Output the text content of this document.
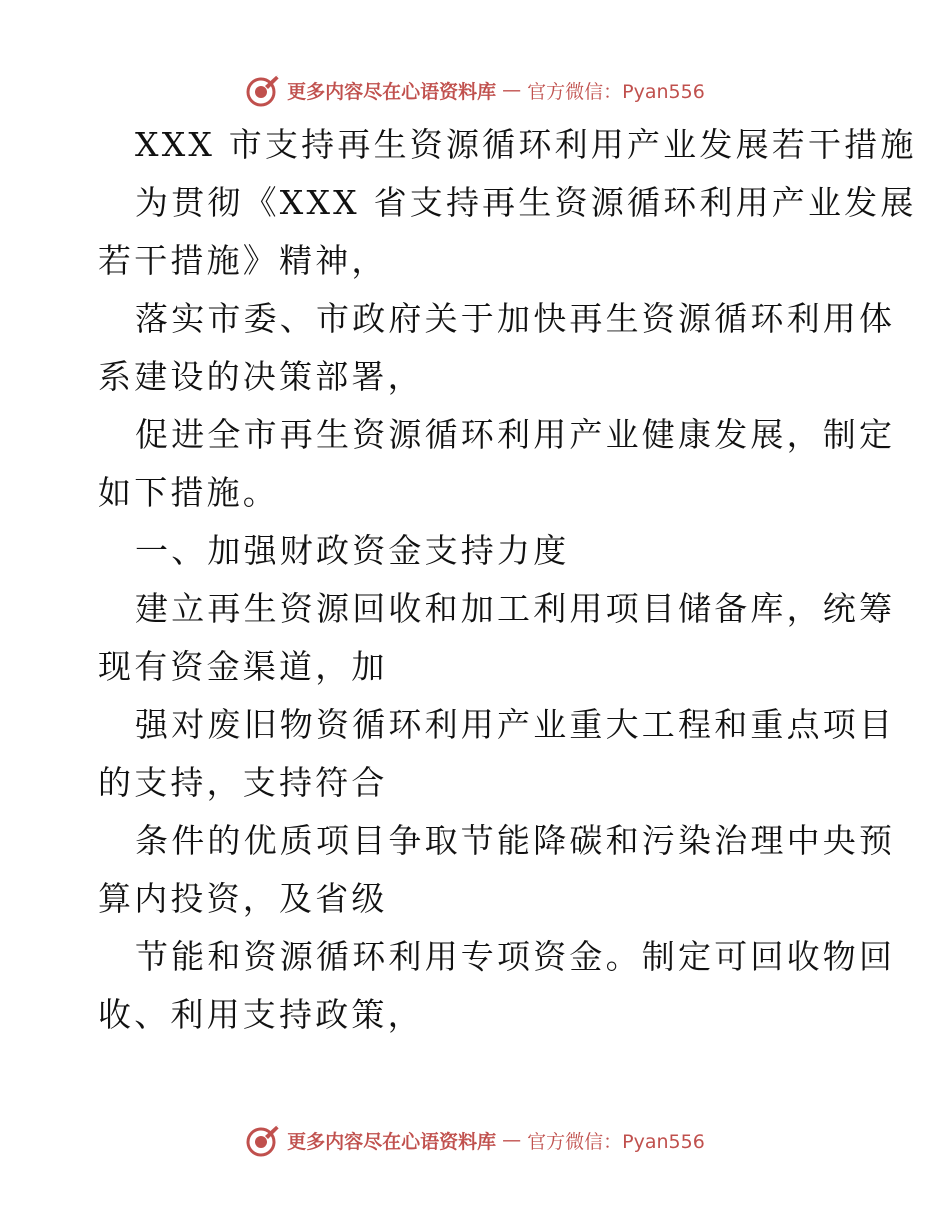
更多内容尽在心语资料库 — 官方微信：Pyan556
XXX 市支持再生资源循环利用产业发展若干措施
为贯彻《XXX 省支持再生资源循环利用产业发展
若干措施》精神，
落实市委、市政府关于加快再生资源循环利用体
系建设的决策部署，
促进全市再生资源循环利用产业健康发展，制定
如下措施。
一、加强财政资金支持力度
建立再生资源回收和加工利用项目储备库，统筹
现有资金渠道，加
强对废旧物资循环利用产业重大工程和重点项目
的支持，支持符合
条件的优质项目争取节能降碳和污染治理中央预
算内投资，及省级
节能和资源循环利用专项资金。制定可回收物回
收、利用支持政策，
更多内容尽在心语资料库 — 官方微信：Pyan556
